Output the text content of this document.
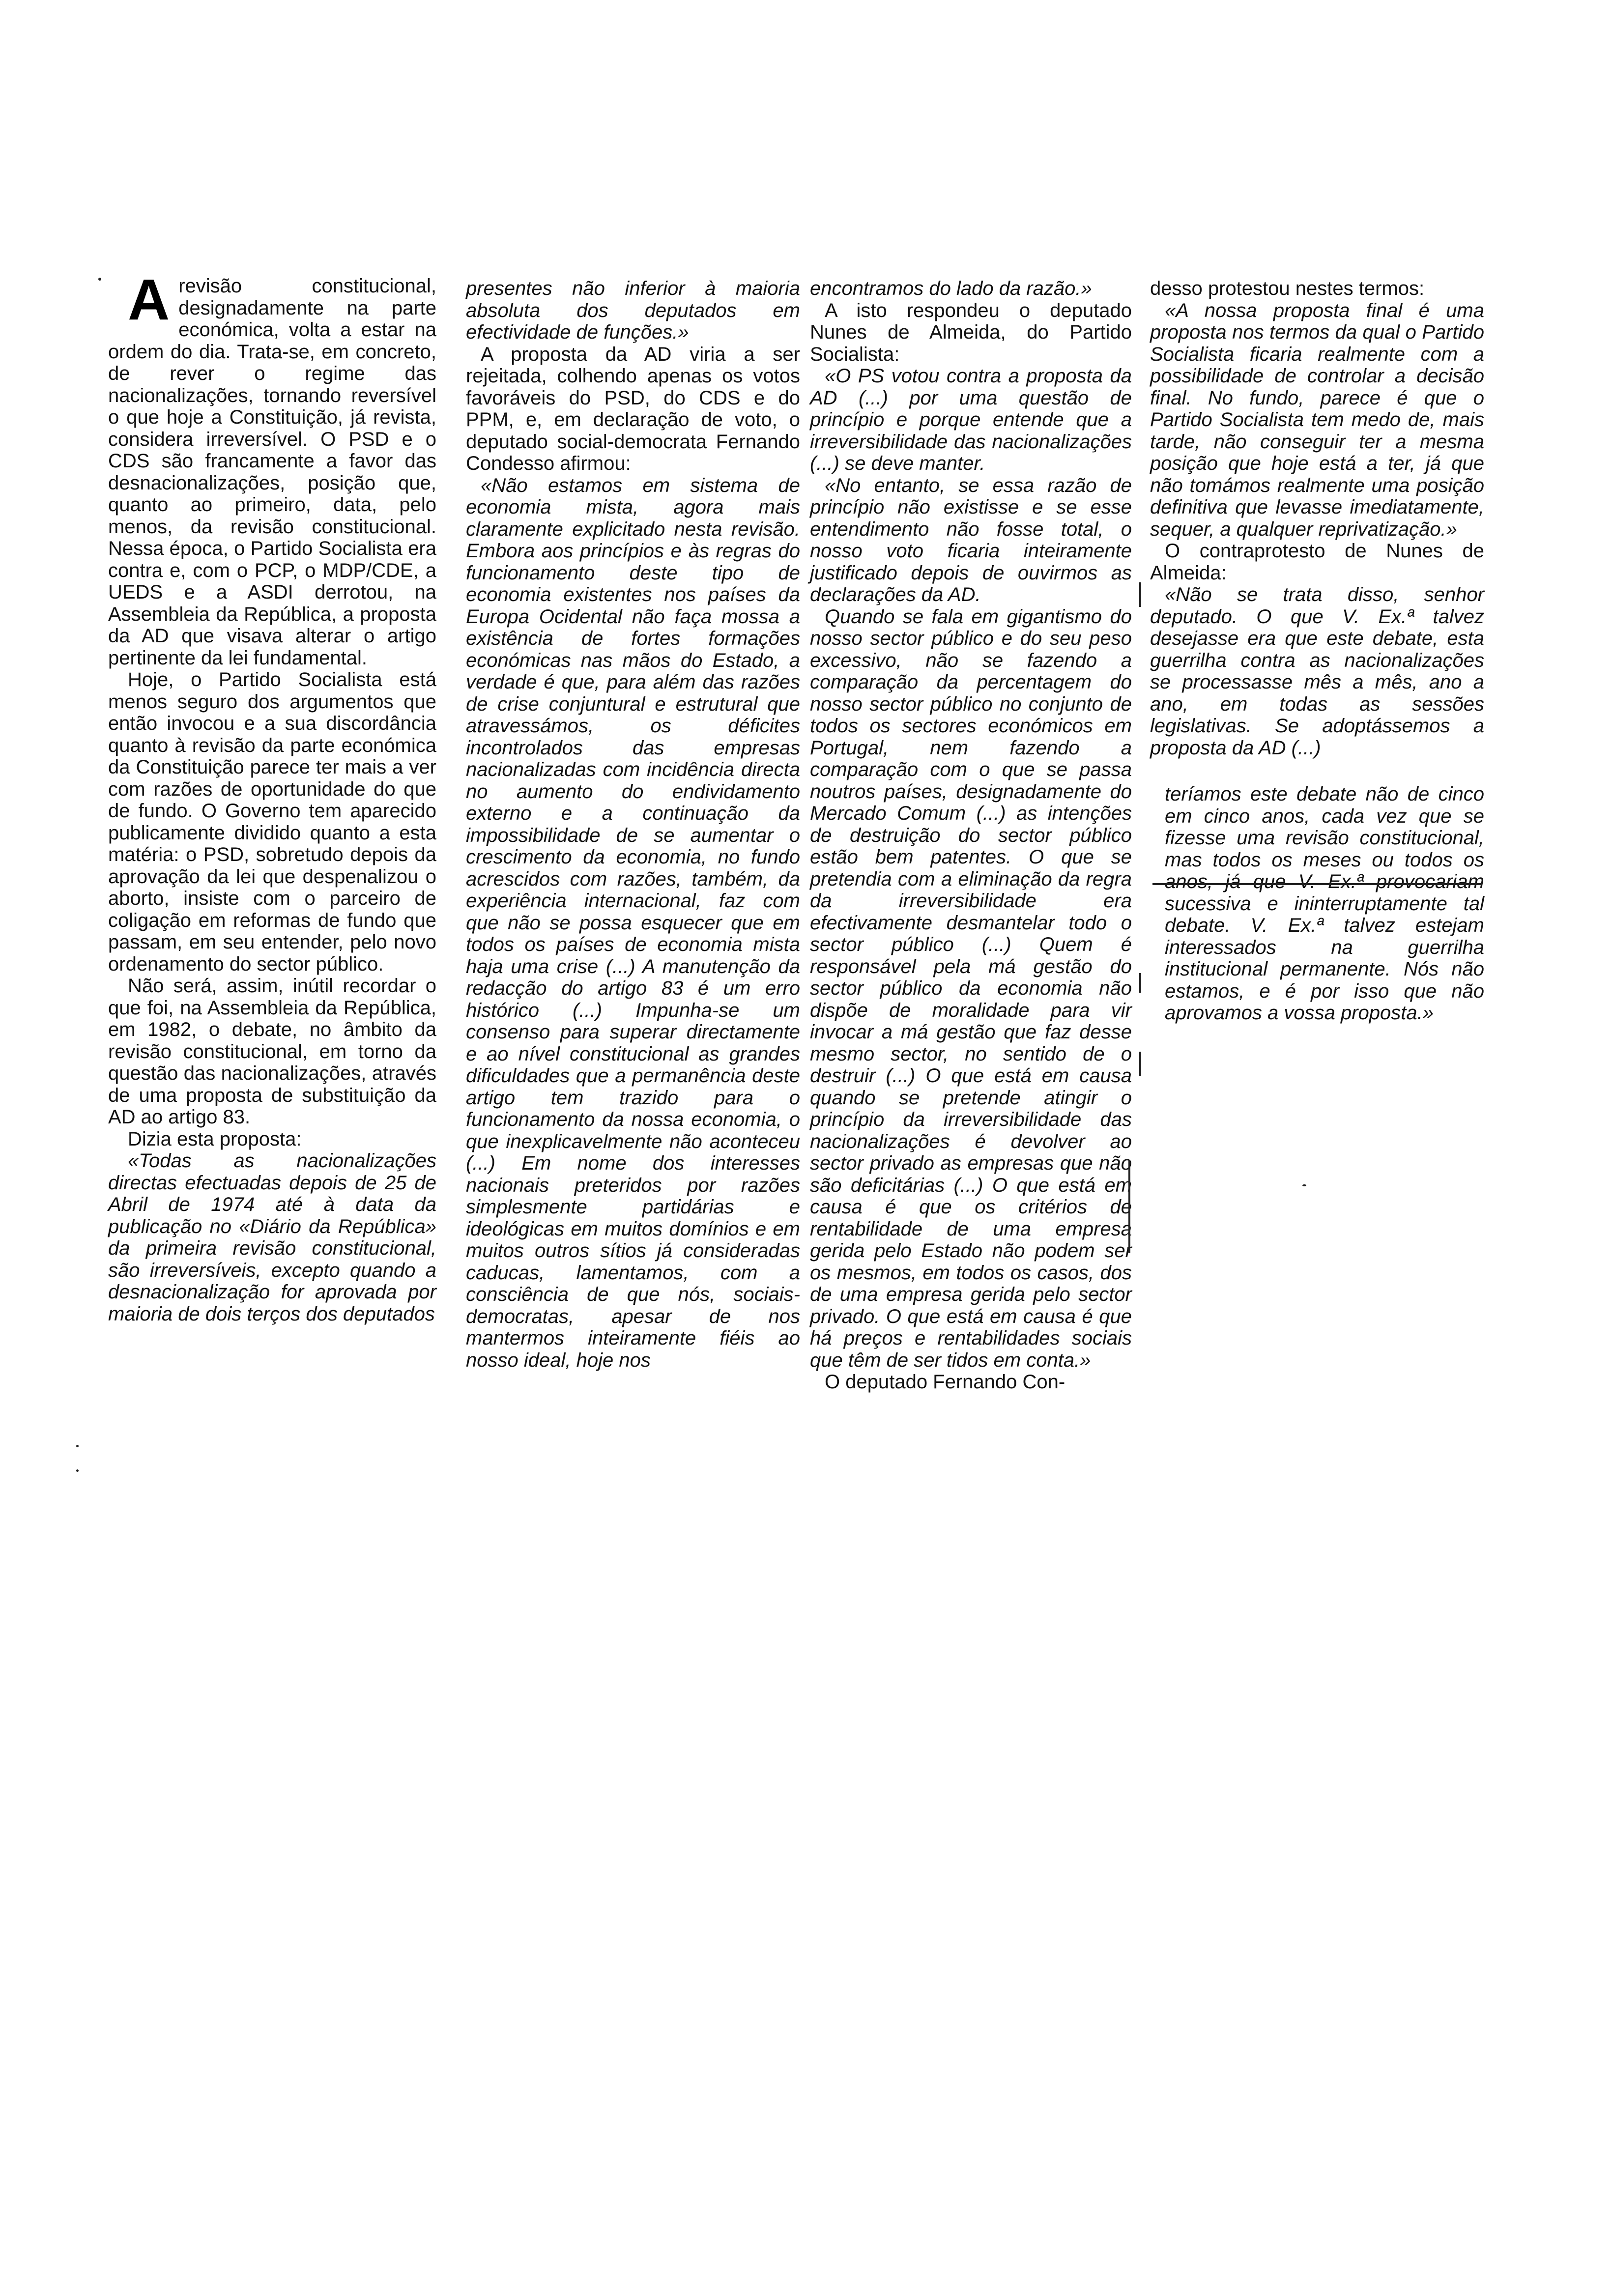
A revisão constitucional, designadamente na parte económica, volta a estar na ordem do dia. Trata-se, em concreto, de rever o regime das nacionalizações, tornando reversível o que hoje a Constituição, já revista, considera irreversível. O PSD e o CDS são francamente a favor das desnacionalizações, posição que, quanto ao primeiro, data, pelo menos, da revisão constitucional. Nessa época, o Partido Socialista era contra e, com o PCP, o MDP/CDE, a UEDS e a ASDI derrotou, na Assembleia da República, a proposta da AD que visava alterar o artigo pertinente da lei fundamental.

Hoje, o Partido Socialista está menos seguro dos argumentos que então invocou e a sua discordância quanto à revisão da parte económica da Constituição parece ter mais a ver com razões de oportunidade do que de fundo. O Governo tem aparecido publicamente dividido quanto a esta matéria: o PSD, sobretudo depois da aprovação da lei que despenalizou o aborto, insiste com o parceiro de coligação em reformas de fundo que passam, em seu entender, pelo novo ordenamento do sector público.

Não será, assim, inútil recordar o que foi, na Assembleia da República, em 1982, o debate, no âmbito da revisão constitucional, em torno da questão das nacionalizações, através de uma proposta de substituição da AD ao artigo 83.

Dizia esta proposta:

«Todas as nacionalizações directas efectuadas depois de 25 de Abril de 1974 até à data da publicação no «Diário da República» da primeira revisão constitucional, são irreversíveis, excepto quando a desnacionalização for aprovada por maioria de dois terços dos deputados

presentes não inferior à maioria absoluta dos deputados em efectividade de funções.»

A proposta da AD viria a ser rejeitada, colhendo apenas os votos favoráveis do PSD, do CDS e do PPM, e, em declaração de voto, o deputado social-democrata Fernando Condesso afirmou:

«Não estamos em sistema de economia mista, agora mais claramente explicitado nesta revisão. Embora aos princípios e às regras do funcionamento deste tipo de economia existentes nos países da Europa Ocidental não faça mossa a existência de fortes formações económicas nas mãos do Estado, a verdade é que, para além das razões de crise conjuntural e estrutural que atravessámos, os déficites incontrolados das empresas nacionalizadas com incidência directa no aumento do endividamento externo e a continuação da impossibilidade de se aumentar o crescimento da economia, no fundo acrescidos com razões, também, da experiência internacional, faz com que não se possa esquecer que em todos os países de economia mista haja uma crise (...) A manutenção da redacção do artigo 83 é um erro histórico (...) Impunha-se um consenso para superar directamente e ao nível constitucional as grandes dificuldades que a permanência deste artigo tem trazido para o funcionamento da nossa economia, o que inexplicavelmente não aconteceu (...) Em nome dos interesses nacionais preteridos por razões simplesmente partidárias e ideológicas em muitos domínios e em muitos outros sítios já consideradas caducas, lamentamos, com a consciência de que nós, sociais-democratas, apesar de nos mantermos inteiramente fiéis ao nosso ideal, hoje nos

encontramos do lado da razão.»

A isto respondeu o deputado Nunes de Almeida, do Partido Socialista:

«O PS votou contra a proposta da AD (...) por uma questão de princípio e porque entende que a irreversibilidade das nacionalizações (...) se deve manter.

«No entanto, se essa razão de princípio não existisse e se esse entendimento não fosse total, o nosso voto ficaria inteiramente justificado depois de ouvirmos as declarações da AD.

Quando se fala em gigantismo do nosso sector público e do seu peso excessivo, não se fazendo a comparação da percentagem do nosso sector público no conjunto de todos os sectores económicos em Portugal, nem fazendo a comparação com o que se passa noutros países, designadamente do Mercado Comum (...) as intenções de destruição do sector público estão bem patentes. O que se pretendia com a eliminação da regra da irreversibilidade era efectivamente desmantelar todo o sector público (...) Quem é responsável pela má gestão do sector público da economia não dispõe de moralidade para vir invocar a má gestão que faz desse mesmo sector, no sentido de o destruir (...) O que está em causa quando se pretende atingir o princípio da irreversibilidade das nacionalizações é devolver ao sector privado as empresas que não são deficitárias (...) O que está em causa é que os critérios de rentabilidade de uma empresa gerida pelo Estado não podem ser os mesmos, em todos os casos, dos de uma empresa gerida pelo sector privado. O que está em causa é que há preços e rentabilidades sociais que têm de ser tidos em conta.»

O deputado Fernando Con-

desso protestou nestes termos:

«A nossa proposta final é uma proposta nos termos da qual o Partido Socialista ficaria realmente com a possibilidade de controlar a decisão final. No fundo, parece é que o Partido Socialista tem medo de, mais tarde, não conseguir ter a mesma posição que hoje está a ter, já que não tomámos realmente uma posição definitiva que levasse imediatamente, sequer, a qualquer reprivatização.»

O contraprotesto de Nunes de Almeida:

«Não se trata disso, senhor deputado. O que V. Ex.ª talvez desejasse era que este debate, esta guerrilha contra as nacionalizações se processasse mês a mês, ano a ano, em todas as sessões legislativas. Se adoptássemos a proposta da AD (...)

teríamos este debate não de cinco em cinco anos, cada vez que se fizesse uma revisão constitucional, mas todos os meses ou todos os anos, já que V. Ex.ª provocariam sucessiva e ininterruptamente tal debate. V. Ex.ª talvez estejam interessados na guerrilha institucional permanente. Nós não estamos, e é por isso que não aprovamos a vossa proposta.»
